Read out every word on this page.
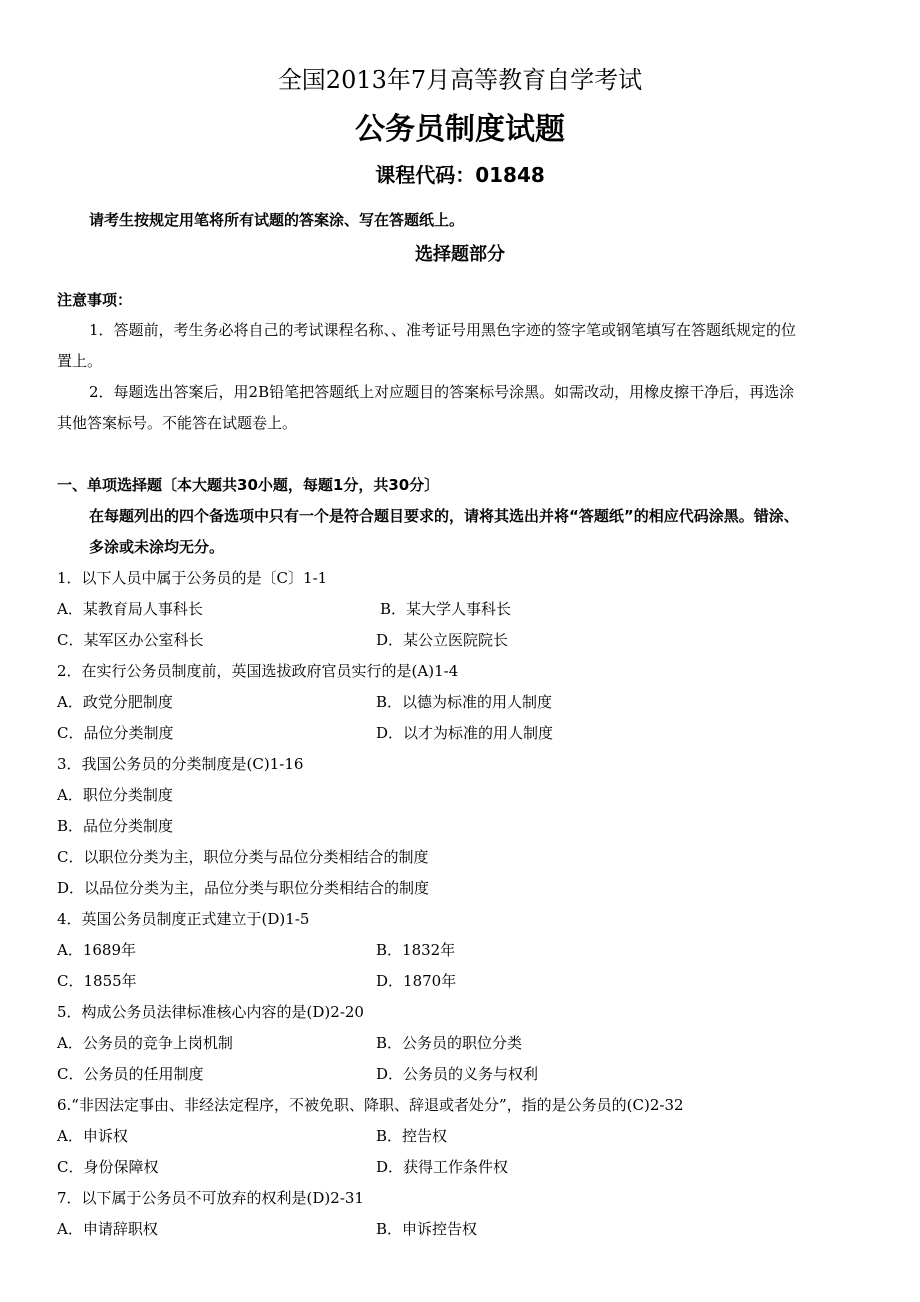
全国2013年7月高等教育自学考试
公务员制度试题
课程代码：01848
请考生按规定用笔将所有试题的答案涂、写在答题纸上。
选择题部分
注意事项：
1．答题前，考生务必将自己的考试课程名称、、准考证号用黑色字迹的签字笔或钢笔填写在答题纸规定的位
置上。
2．每题选出答案后，用2B铅笔把答题纸上对应题目的答案标号涂黑。如需改动，用橡皮擦干净后，再选涂
其他答案标号。不能答在试题卷上。
一、单项选择题〔本大题共30小题，每题1分，共30分〕
在每题列出的四个备选项中只有一个是符合题目要求的，请将其选出并将“答题纸”的相应代码涂黑。错涂、
多涂或未涂均无分。
1．以下人员中属于公务员的是〔C〕1-1
A．某教育局人事科长	B．某大学人事科长
C．某军区办公室科长	D．某公立医院院长
2．在实行公务员制度前，英国选拔政府官员实行的是(A)1-4
A．政党分肥制度	B．以德为标准的用人制度
C．品位分类制度	D．以才为标准的用人制度
3．我国公务员的分类制度是(C)1-16
A．职位分类制度
B．品位分类制度
C．以职位分类为主，职位分类与品位分类相结合的制度
D．以品位分类为主，品位分类与职位分类相结合的制度
4．英国公务员制度正式建立于(D)1-5
A．1689年	B．1832年
C．1855年	D．1870年
5．构成公务员法律标准核心内容的是(D)2-20
A．公务员的竞争上岗机制	B．公务员的职位分类
C．公务员的任用制度	D．公务员的义务与权利
6.“非因法定事由、非经法定程序，不被免职、降职、辞退或者处分”，指的是公务员的(C)2-32
A．申诉权	B．控告权
C．身份保障权	D．获得工作条件权
7．以下属于公务员不可放弃的权利是(D)2-31
A．申请辞职权	B．申诉控告权
